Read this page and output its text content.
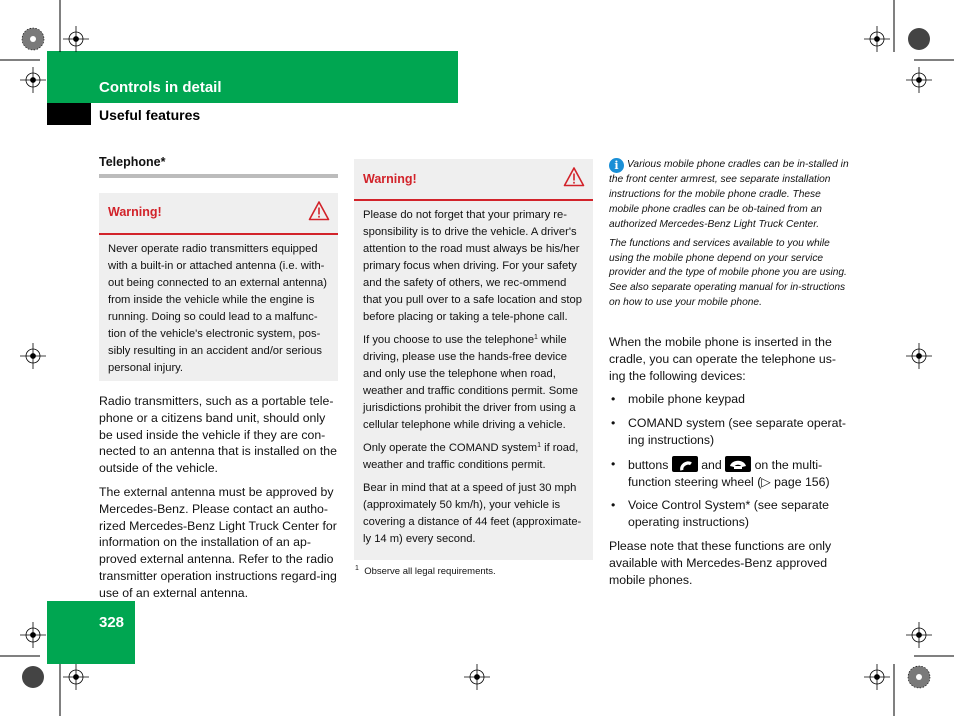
Controls in detail
Useful features
328
Telephone*
Warning!

Never operate radio transmitters equipped with a built-in or attached antenna (i.e. with-out being connected to an external antenna) from inside the vehicle while the engine is running. Doing so could lead to a malfunc-tion of the vehicle's electronic system, pos-sibly resulting in an accident and/or serious personal injury.

Radio transmitters, such as a portable tele-phone or a citizens band unit, should only be used inside the vehicle if they are con-nected to an antenna that is installed on the outside of the vehicle.

The external antenna must be approved by Mercedes-Benz. Please contact an autho-rized Mercedes-Benz Light Truck Center for information on the installation of an ap-proved external antenna. Refer to the radio transmitter operation instructions regard-ing use of an external antenna.

Warning!

Please do not forget that your primary re-sponsibility is to drive the vehicle. A driver's attention to the road must always be his/her primary focus when driving. For your safety and the safety of others, we rec-ommend that you pull over to a safe location and stop before placing or taking a tele-phone call.

If you choose to use the telephone$^1$ while driving, please use the hands-free device and only use the telephone when road, weather and traffic conditions permit. Some jurisdictions prohibit the driver from using a cellular telephone while driving a vehicle.

Only operate the COMAND system$^1$ if road, weather and traffic conditions permit.

Bear in mind that at a speed of just 30 mph (approximately 50 km/h), your vehicle is covering a distance of 44 feet (approximate-ly 14 m) every second.

$^1$ Observe all legal requirements.

i Various mobile phone cradles can be in-stalled in the front center armrest, see separate installation instructions for the mobile phone cradle. These mobile phone cradles can be ob-tained from an authorized Mercedes-Benz Light Truck Center.

The functions and services available to you while using the mobile phone depend on your service provider and the type of mobile phone you are using. See also separate operating manual for in-structions on how to use your mobile phone.

When the mobile phone is inserted in the cradle, you can operate the telephone us-ing the following devices:

• mobile phone keypad
• COMAND system (see separate operat-ing instructions)
• buttons	and	on the multi-function steering wheel (▷ page 156)
• Voice Control System* (see separate operating instructions)

Please note that these functions are only available with Mercedes-Benz approved mobile phones.
